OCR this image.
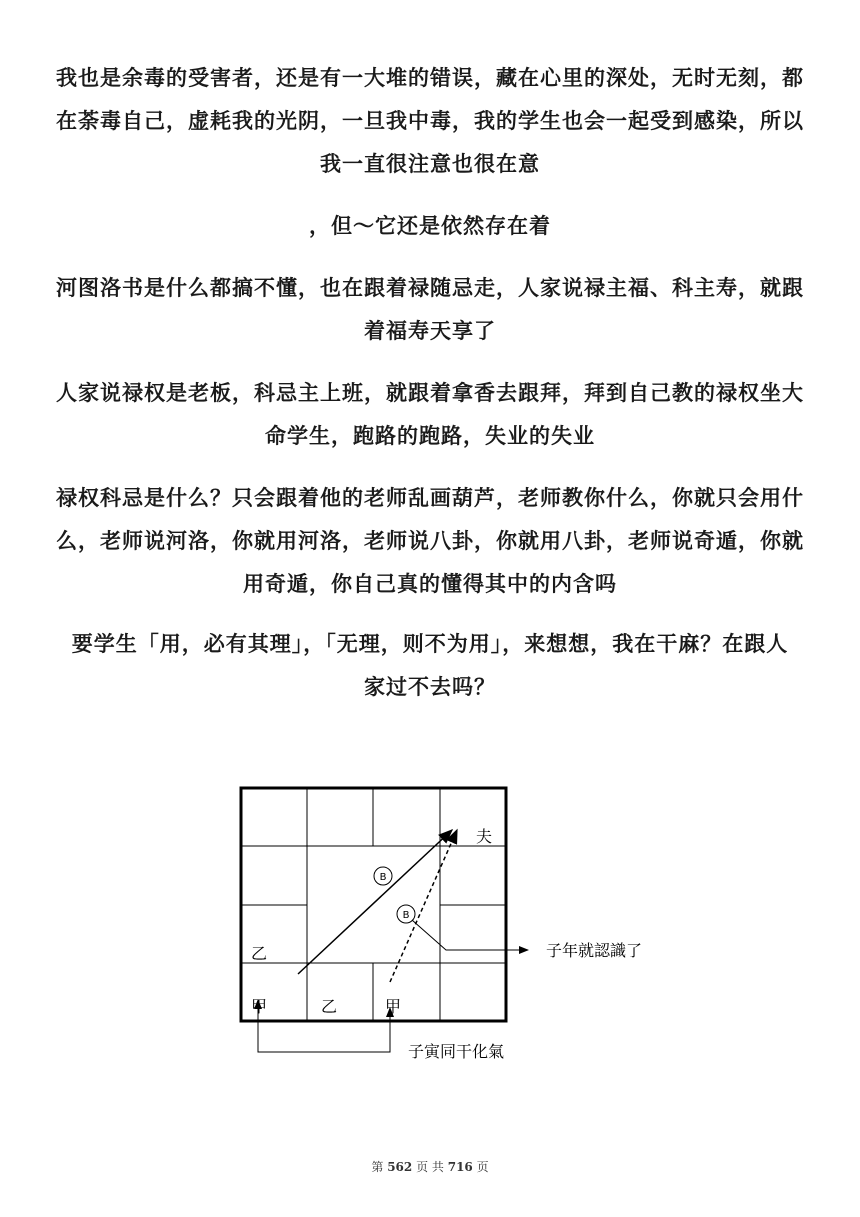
我也是余毒的受害者，还是有一大堆的错误，藏在心里的深处，无时无刻，都
在荼毒自己，虚耗我的光阴，一旦我中毒，我的学生也会一起受到感染，所以
我一直很注意也很在意
，但～它还是依然存在着
河图洛书是什么都搞不懂，也在跟着禄随忌走，人家说禄主福、科主寿，就跟
着福寿天享了
人家说禄权是老板，科忌主上班，就跟着拿香去跟拜，拜到自己教的禄权坐大
命学生，跑路的跑路，失业的失业
禄权科忌是什么？只会跟着他的老师乱画葫芦，老师教你什么，你就只会用什
么，老师说河洛，你就用河洛，老师说八卦，你就用八卦，老师说奇遁，你就
用奇遁，你自己真的懂得其中的内含吗
要学生「用，必有其理」，「无理，则不为用」，来想想，我在干麻？在跟人
家过不去吗？
B
B
子年就認識了
夫
乙
甲	乙	甲
子寅同干化氣
第 562 页 共 716 页
